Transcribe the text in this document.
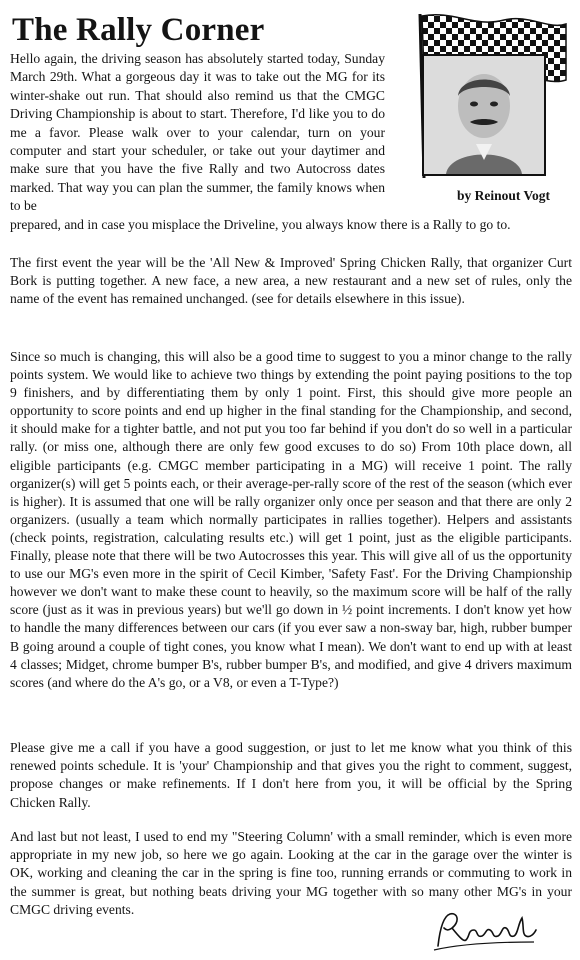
The Rally Corner

Hello again, the driving season has absolutely started today, Sunday March 29th. What a gorgeous day it was to take out the MG for its winter-shake out run. That should also remind us that the CMGC Driving Championship is about to start. Therefore, I'd like you to do me a favor. Please walk over to your calendar, turn on your computer and start your scheduler, or take out your daytimer and make sure that you have the five Rally and two Autocross dates marked. That way you can plan the summer, the family knows when to be

prepared, and in case you misplace the Driveline, you always know there is a Rally to go to.

by Reinout Vogt

The first event the year will be the 'All New & Improved' Spring Chicken Rally, that organizer Curt Bork is putting together. A new face, a new area, a new restaurant and a new set of rules, only the name of the event has remained unchanged. (see for details elsewhere in this issue).

Since so much is changing, this will also be a good time to suggest to you a minor change to the rally points system. We would like to achieve two things by extending the point paying positions to the top 9 finishers, and by differentiating them by only 1 point. First, this should give more people an opportunity to score points and end up higher in the final standing for the Championship, and second, it should make for a tighter battle, and not put you too far behind if you don't do so well in a particular rally. (or miss one, although there are only few good excuses to do so) From 10th place down, all eligible participants (e.g. CMGC member participating in a MG) will receive 1 point. The rally organizer(s) will get 5 points each, or their average-per-rally score of the rest of the season (which ever is higher). It is assumed that one will be rally organizer only once per season and that there are only 2 organizers. (usually a team which normally participates in rallies together). Helpers and assistants (check points, registration, calculating results etc.) will get 1 point, just as the eligible participants. Finally, please note that there will be two Autocrosses this year. This will give all of us the opportunity to use our MG's even more in the spirit of Cecil Kimber, 'Safety Fast'. For the Driving Championship however we don't want to make these count to heavily, so the maximum score will be half of the rally score (just as it was in previous years) but we'll go down in ½ point increments. I don't know yet how to handle the many differences between our cars (if you ever saw a non-sway bar, high, rubber bumper B going around a couple of tight cones, you know what I mean). We don't want to end up with at least 4 classes; Midget, chrome bumper B's, rubber bumper B's, and modified, and give 4 drivers maximum scores (and where do the A's go, or a V8, or even a T-Type?)

Please give me a call if you have a good suggestion, or just to let me know what you think of this renewed points schedule. It is 'your' Championship and that gives you the right to comment, suggest, propose changes or make refinements. If I don't here from you, it will be official by the Spring Chicken Rally.

And last but not least, I used to end my "Steering Column' with a small reminder, which is even more appropriate in my new job, so here we go again. Looking at the car in the garage over the winter is OK, working and cleaning the car in the spring is fine too, running errands or commuting to work in the summer is great, but nothing beats driving your MG together with so many other MG's in your CMGC driving events.
